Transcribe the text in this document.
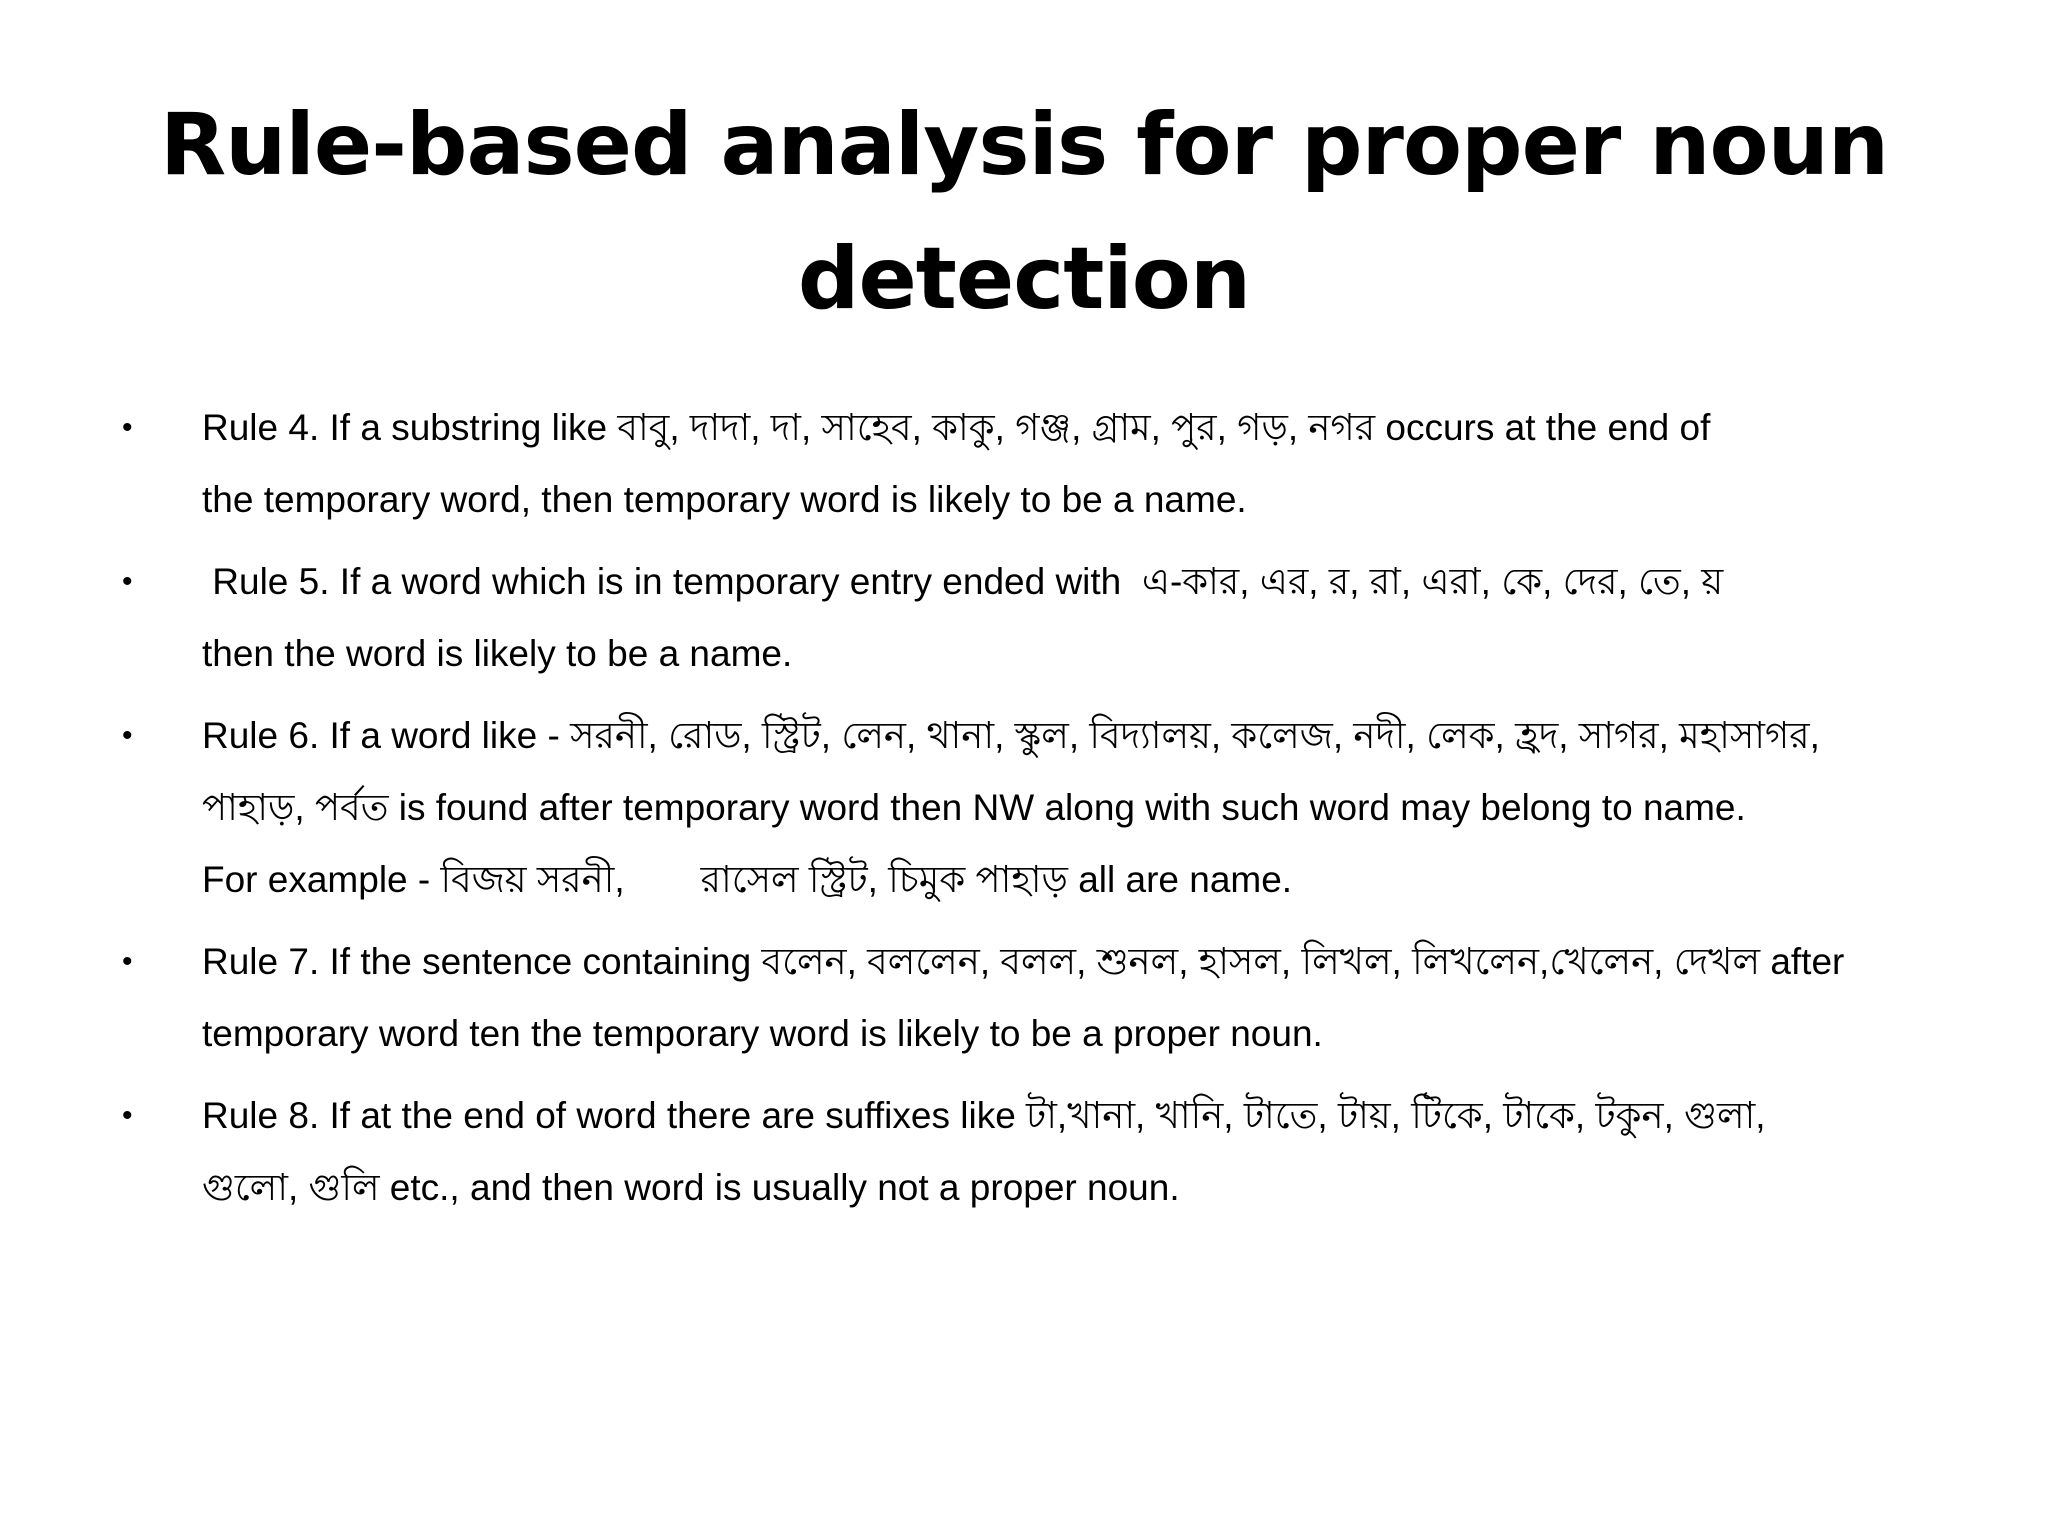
Rule-based analysis for proper noun detection
• Rule 4. If a substring like বাবু, দাদা, দা, সাহেব, কাকু, গঞ্জ, গ্রাম, পুর, গড়, নগর occurs at the end of
the temporary word, then temporary word is likely to be a name.
• Rule 5. If a word which is in temporary entry ended with  এ-কার, এর, র, রা, এরা, কে, দের, তে, য়
then the word is likely to be a name.
• Rule 6. If a word like - সরনী, রোড, স্ট্রিট, লেন, থানা, স্কুল, বিদ্যালয়, কলেজ, নদী, লেক, হ্রদ, সাগর, মহাসাগর,
পাহাড়, পর্বত is found after temporary word then NW along with such word may belong to name.
For example - বিজয় সরনী, রাসেল স্ট্রিট, চিমুক পাহাড় all are name.
• Rule 7. If the sentence containing বলেন, বললেন, বলল, শুনল, হাসল, লিখল, লিখলেন,খেলেন, দেখল after
temporary word ten the temporary word is likely to be a proper noun.
• Rule 8. If at the end of word there are suffixes like টা,খানা, খানি, টাতে, টায়, টিকে, টাকে, টকুন, গুলা,
গুলো, গুলি etc., and then word is usually not a proper noun.
